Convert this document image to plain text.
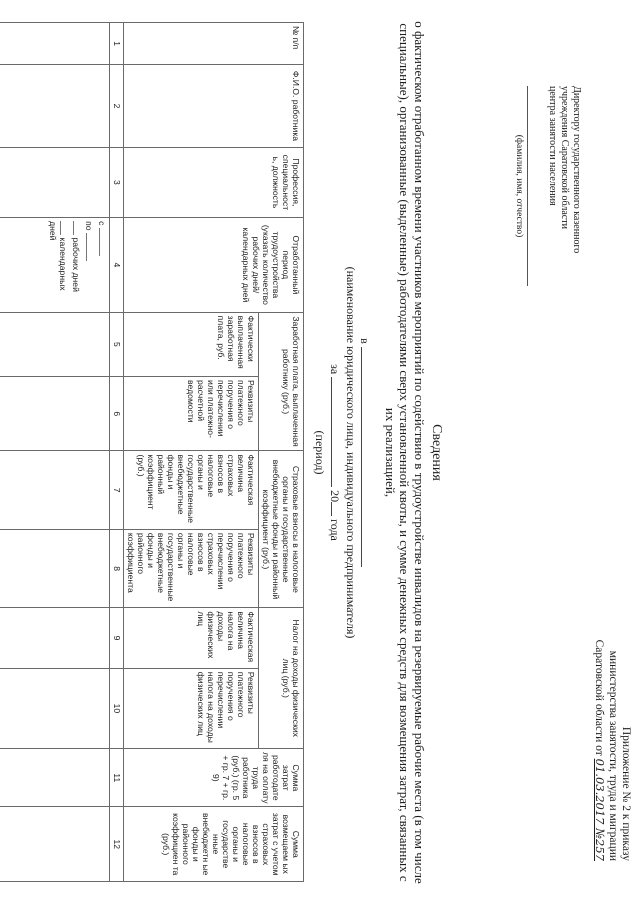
Приложение № 2 к приказу
министерства занятости, труда и миграции
Саратовской области от 01.03.2017 №257
Директору государственного казенного
учреждения Саратовской области
центра занятости населения
(фамилия, имя, отчество)
Сведения
о фактическом отработанном времени участников мероприятий по содействию в трудоустройстве инвалидов на резервируемые рабочие места (в том числе специальные), организованные (выделенные) работодателями сверх установленной квоты, и сумме денежных средств для возмещения затрат, связанных с их реализацией,
в
(наименование юридического лица, индивидуального предпринимателя)
за  20 года
(период)
№ п/п	Ф.И.О. работника	Профессия, специальност ь, должность	Отработанный период трудоустройства (указать количество рабочих дней/календарных дней	Заработная плата, выплаченная работнику (руб.)		Страховые взносы в налоговые органы и государственные внебюджетные фонды и районный коэффициент (руб.)		Налог на доходы физических лиц (руб.)		Сумма затрат работодате ля на оплату труда работника (руб.) (гр. 5 + гр. 7 + гр. 9)	Сумма возмещаем ых затрат с учетом страховых взносов в налоговые органы и государстве нные внебюджетн ые фонды и районного коэффициен та (руб.)
				Фактически выплаченная заработная плата, руб.	Реквизиты платежного поручения о перечислении или платежно-расчетной ведомости	Фактическая величина страховых взносов в налоговые органы и государственные внебюджетные фонды и районный коэффициент (руб.)	Реквизиты платежного поручения о перечислении страховых взносов в налоговые органы и государственные внебюджетные фонды и районного коэффициента	Фактическая величина налога на доходы физических лиц	Реквизиты платежного поручения о перечислении налога на доходы физических лиц		
1	2	3	4	5	6	7	8	9	10	11	12

			с
по
рабочих дней
календарных дней								
